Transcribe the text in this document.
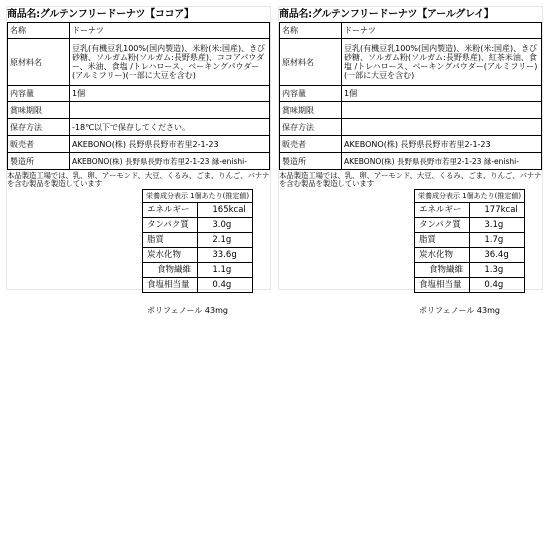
商品名:グルテンフリードーナツ【ココア】
名称	ドーナツ
原材料名	豆乳(有機豆乳100%(国内製造)、米粉(米:国産)、きび砂糖、ソルガム粉(ソルガム:長野県産)、ココアパウダー、米油、食塩 /トレハロース、ベーキングパウダー(アルミフリー)(一部に大豆を含む)
内容量	1個
賞味期限	
保存方法	-18℃以下で保存してください。
販売者	AKEBONO(株) 長野県長野市若里2-1-23
製造所	AKEBONO(株) 長野県長野市若里2-1-23 縁-enishi-
本品製造工場では、乳、卵、アーモンド、大豆、くるみ、ごま、りんご、バナナを含む製品を製造しています
栄養成分表示 1個あたり(推定値)	
エネルギー	165kcal
タンパク質	3.0g
脂質	2.1g
炭水化物	33.6g
食物繊維	1.1g
食塩相当量	0.4g
ポリフェノール 43mg
商品名:グルテンフリードーナツ【アールグレイ】
名称	ドーナツ
原材料名	豆乳(有機豆乳100%(国内製造)、米粉(米:国産)、きび砂糖、ソルガム粉(ソルガム:長野県産)、紅茶米油、食塩 /トレハロース、ベーキングパウダー(アルミフリー)(一部に大豆を含む)
内容量	1個
賞味期限	
保存方法	
販売者	AKEBONO(株) 長野県長野市若里2-1-23
製造所	AKEBONO(株) 長野県長野市若里2-1-23 縁-enishi-
本品製造工場では、乳、卵、アーモンド、大豆、くるみ、ごま、りんご、バナナを含む製品を製造しています
栄養成分表示 1個あたり(推定値)	
エネルギー	177kcal
タンパク質	3.1g
脂質	1.7g
炭水化物	36.4g
食物繊維	1.3g
食塩相当量	0.4g
ポリフェノール 43mg
